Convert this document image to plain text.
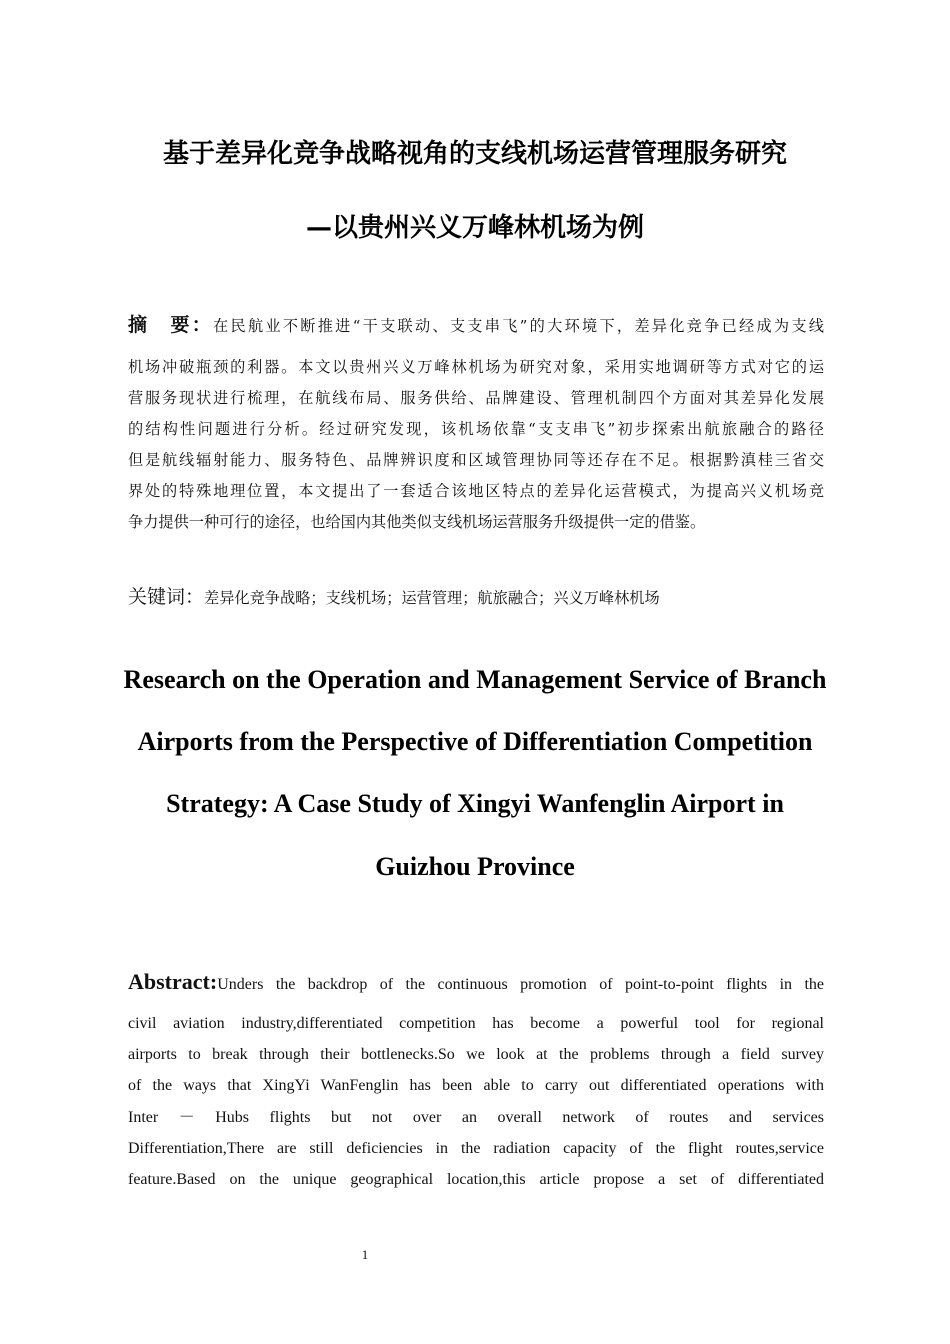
基于差异化竞争战略视角的支线机场运营管理服务研究
—以贵州兴义万峰林机场为例
摘　要：在民航业不断推进“干支联动、支支串飞”的大环境下，差异化竞争已经成为支线
机场冲破瓶颈的利器。本文以贵州兴义万峰林机场为研究对象，采用实地调研等方式对它的运
营服务现状进行梳理，在航线布局、服务供给、品牌建设、管理机制四个方面对其差异化发展
的结构性问题进行分析。经过研究发现，该机场依靠“支支串飞”初步探索出航旅融合的路径
但是航线辐射能力、服务特色、品牌辨识度和区域管理协同等还存在不足。根据黔滇桂三省交
界处的特殊地理位置，本文提出了一套适合该地区特点的差异化运营模式，为提高兴义机场竞
争力提供一种可行的途径，也给国内其他类似支线机场运营服务升级提供一定的借鉴。
关键词：差异化竞争战略；支线机场；运营管理；航旅融合；兴义万峰林机场
Research on the Operation and Management Service of Branch
Airports from the Perspective of Differentiation Competition
Strategy: A Case Study of Xingyi Wanfenglin Airport in
Guizhou Province
Abstract:Unders the backdrop of the continuous promotion of point-to-point flights in the
civil aviation industry,differentiated competition has become a powerful tool for regional
airports to break through their bottlenecks.So we look at the problems through a field survey
of the ways that XingYi WanFenglin has been able to carry out differentiated operations with
Inter － Hubs flights but not over an overall network of routes and services
Differentiation,There are still deficiencies in the radiation capacity of the flight routes,service
feature.Based on the unique geographical location,this article propose a set of differentiated
1
